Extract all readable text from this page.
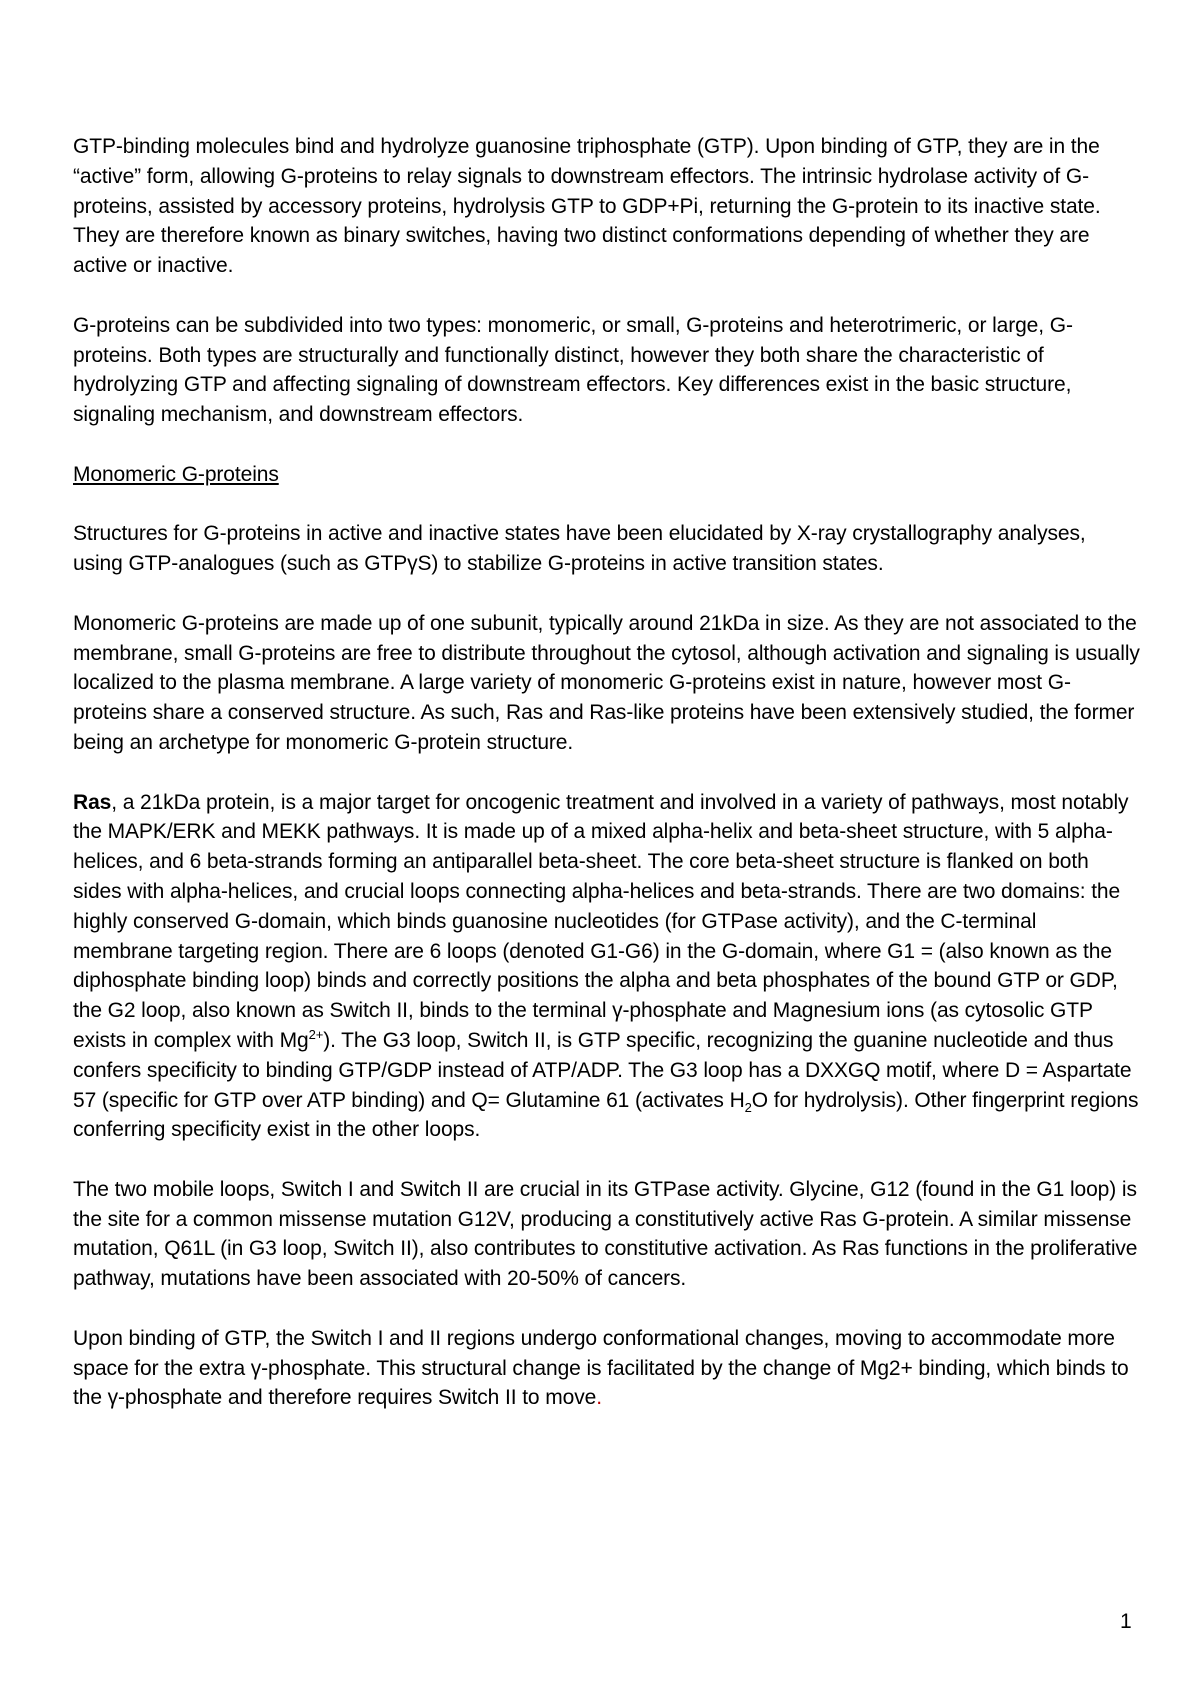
GTP-binding molecules bind and hydrolyze guanosine triphosphate (GTP). Upon binding of GTP, they are in the “active” form, allowing G-proteins to relay signals to downstream effectors. The intrinsic hydrolase activity of G-proteins, assisted by accessory proteins, hydrolysis GTP to GDP+Pi, returning the G-protein to its inactive state. They are therefore known as binary switches, having two distinct conformations depending of whether they are active or inactive.

G-proteins can be subdivided into two types: monomeric, or small, G-proteins and heterotrimeric, or large, G-proteins. Both types are structurally and functionally distinct, however they both share the characteristic of hydrolyzing GTP and affecting signaling of downstream effectors. Key differences exist in the basic structure, signaling mechanism, and downstream effectors.

Monomeric G-proteins

Structures for G-proteins in active and inactive states have been elucidated by X-ray crystallography analyses, using GTP-analogues (such as GTPγS) to stabilize G-proteins in active transition states.

Monomeric G-proteins are made up of one subunit, typically around 21kDa in size. As they are not associated to the membrane, small G-proteins are free to distribute throughout the cytosol, although activation and signaling is usually localized to the plasma membrane. A large variety of monomeric G-proteins exist in nature, however most G-proteins share a conserved structure. As such, Ras and Ras-like proteins have been extensively studied, the former being an archetype for monomeric G-protein structure.

Ras, a 21kDa protein, is a major target for oncogenic treatment and involved in a variety of pathways, most notably the MAPK/ERK and MEKK pathways. It is made up of a mixed alpha-helix and beta-sheet structure, with 5 alpha-helices, and 6 beta-strands forming an antiparallel beta-sheet. The core beta-sheet structure is flanked on both sides with alpha-helices, and crucial loops connecting alpha-helices and beta-strands. There are two domains: the highly conserved G-domain, which binds guanosine nucleotides (for GTPase activity), and the C-terminal membrane targeting region. There are 6 loops (denoted G1-G6) in the G-domain, where G1 = (also known as the diphosphate binding loop) binds and correctly positions the alpha and beta phosphates of the bound GTP or GDP, the G2 loop, also known as Switch II, binds to the terminal γ-phosphate and Magnesium ions (as cytosolic GTP exists in complex with $Mg^{2+}$). The G3 loop, Switch II, is GTP specific, recognizing the guanine nucleotide and thus confers specificity to binding GTP/GDP instead of ATP/ADP. The G3 loop has a DXXGQ motif, where D = Aspartate 57 (specific for GTP over ATP binding) and Q= Glutamine 61 (activates $H_2O$ for hydrolysis). Other fingerprint regions conferring specificity exist in the other loops.

The two mobile loops, Switch I and Switch II are crucial in its GTPase activity. Glycine, G12 (found in the G1 loop) is the site for a common missense mutation G12V, producing a constitutively active Ras G-protein. A similar missense mutation, Q61L (in G3 loop, Switch II), also contributes to constitutive activation. As Ras functions in the proliferative pathway, mutations have been associated with 20-50% of cancers.

Upon binding of GTP, the Switch I and II regions undergo conformational changes, moving to accommodate more space for the extra γ-phosphate. This structural change is facilitated by the change of Mg2+ binding, which binds to the γ-phosphate and therefore requires Switch II to move.

1
